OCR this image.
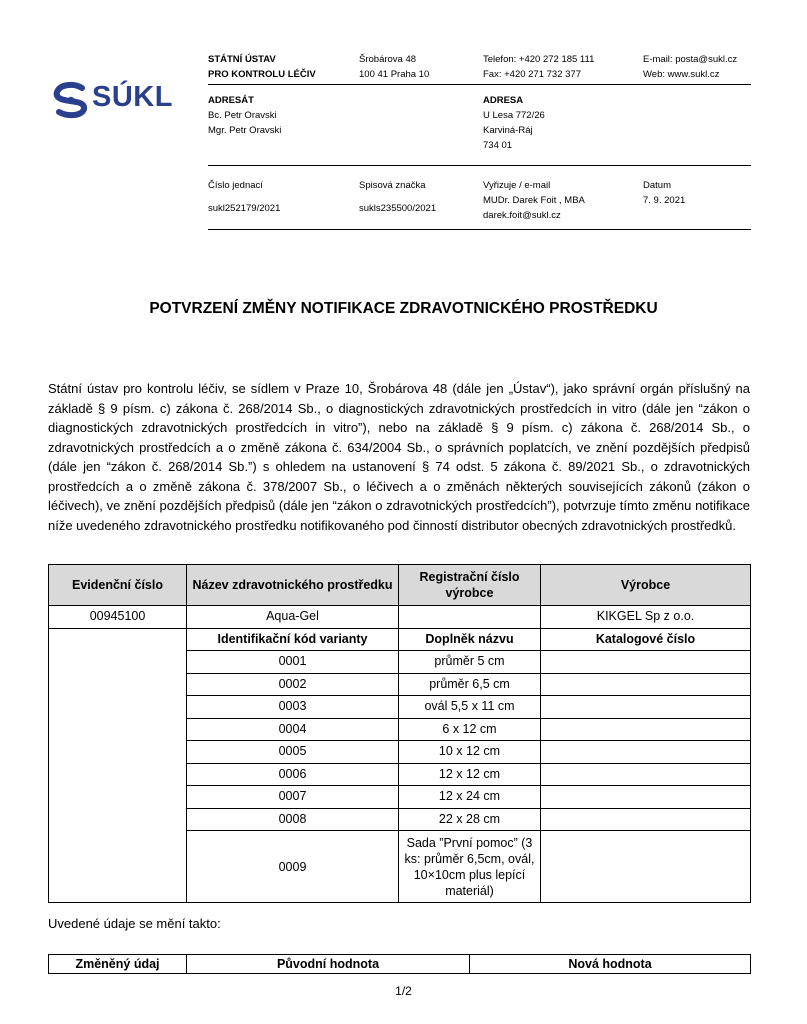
STÁTNÍ ÚSTAV
PRO KONTROLU LÉČIV
Šrobárova 48
100 41 Praha 10
Telefon: +420 272 185 111
Fax: +420 271 732 377
E-mail: posta@sukl.cz
Web: www.sukl.cz
SÚKL	ADRESÁT
Bc. Petr Oravski
Mgr. Petr Oravski
ADRESA
U Lesa 772/26
Karviná-Ráj
734 01
Číslo jednací
sukl252179/2021
Spisová značka
sukls235500/2021
Vyřizuje / e-mail
MUDr. Darek Foit , MBA
darek.foit@sukl.cz
Datum
7. 9. 2021
POTVRZENÍ ZMĚNY NOTIFIKACE ZDRAVOTNICKÉHO PROSTŘEDKU
Státní ústav pro kontrolu léčiv, se sídlem v Praze 10, Šrobárova 48 (dále jen „Ústav“), jako správní orgán příslušný na základě § 9 písm. c) zákona č. 268/2014 Sb., o diagnostických zdravotnických prostředcích in vitro (dále jen “zákon o diagnostických zdravotnických prostředcích in vitro”), nebo na základě § 9 písm. c) zákona č. 268/2014 Sb., o zdravotnických prostředcích a o změně zákona č. 634/2004 Sb., o správních poplatcích, ve znění pozdějších předpisů (dále jen “zákon č. 268/2014 Sb.”) s ohledem na ustanovení § 74 odst. 5 zákona č. 89/2021 Sb., o zdravotnických prostředcích a o změně zákona č. 378/2007 Sb., o léčivech a o změnách některých souvisejících zákonů (zákon o léčivech), ve znění pozdějších předpisů (dále jen “zákon o zdravotnických prostředcích”), potvrzuje tímto změnu notifikace níže uvedeného zdravotnického prostředku notifikovaného pod činností distributor obecných zdravotnických prostředků.
Evidenční číslo	Název zdravotnického prostředku	Registrační číslo výrobce	Výrobce
00945100	Aqua-Gel		KIKGEL Sp z o.o.
	Identifikační kód varianty	Doplněk názvu	Katalogové číslo
	0001	průměr 5 cm	
	0002	průměr 6,5 cm	
	0003	ovál 5,5 x 11 cm	
	0004	6 x 12 cm	
	0005	10 x 12 cm	
	0006	12 x 12 cm	
	0007	12 x 24 cm	
	0008	22 x 28 cm	
	0009	Sada ”První pomoc” (3 ks: průměr 6,5cm, ovál, 10×10cm plus lepící materiál)	
Uvedené údaje se mění takto:
Změněný údaj	Původní hodnota	Nová hodnota
1/2
